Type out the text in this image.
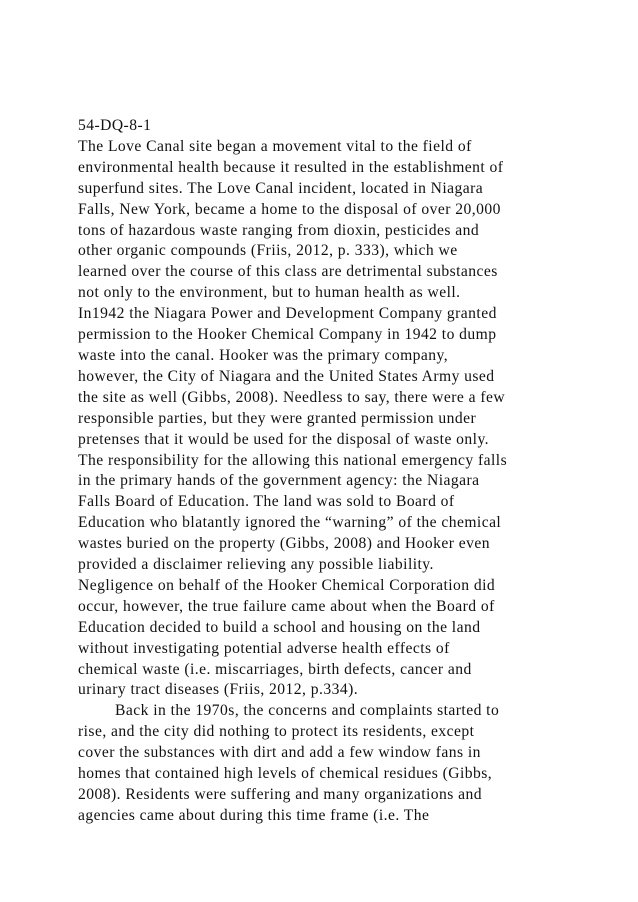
54-DQ-8-1
The Love Canal site began a movement vital to the field of
environmental health because it resulted in the establishment of
superfund sites. The Love Canal incident, located in Niagara
Falls, New York, became a home to the disposal of over 20,000
tons of hazardous waste ranging from dioxin, pesticides and
other organic compounds (Friis, 2012, p. 333), which we
learned over the course of this class are detrimental substances
not only to the environment, but to human health as well.
In1942 the Niagara Power and Development Company granted
permission to the Hooker Chemical Company in 1942 to dump
waste into the canal. Hooker was the primary company,
however, the City of Niagara and the United States Army used
the site as well (Gibbs, 2008). Needless to say, there were a few
responsible parties, but they were granted permission under
pretenses that it would be used for the disposal of waste only.
The responsibility for the allowing this national emergency falls
in the primary hands of the government agency: the Niagara
Falls Board of Education. The land was sold to Board of
Education who blatantly ignored the “warning” of the chemical
wastes buried on the property (Gibbs, 2008) and Hooker even
provided a disclaimer relieving any possible liability.
Negligence on behalf of the Hooker Chemical Corporation did
occur, however, the true failure came about when the Board of
Education decided to build a school and housing on the land
without investigating potential adverse health effects of
chemical waste (i.e. miscarriages, birth defects, cancer and
urinary tract diseases (Friis, 2012, p.334).
Back in the 1970s, the concerns and complaints started to
rise, and the city did nothing to protect its residents, except
cover the substances with dirt and add a few window fans in
homes that contained high levels of chemical residues (Gibbs,
2008). Residents were suffering and many organizations and
agencies came about during this time frame (i.e. The
